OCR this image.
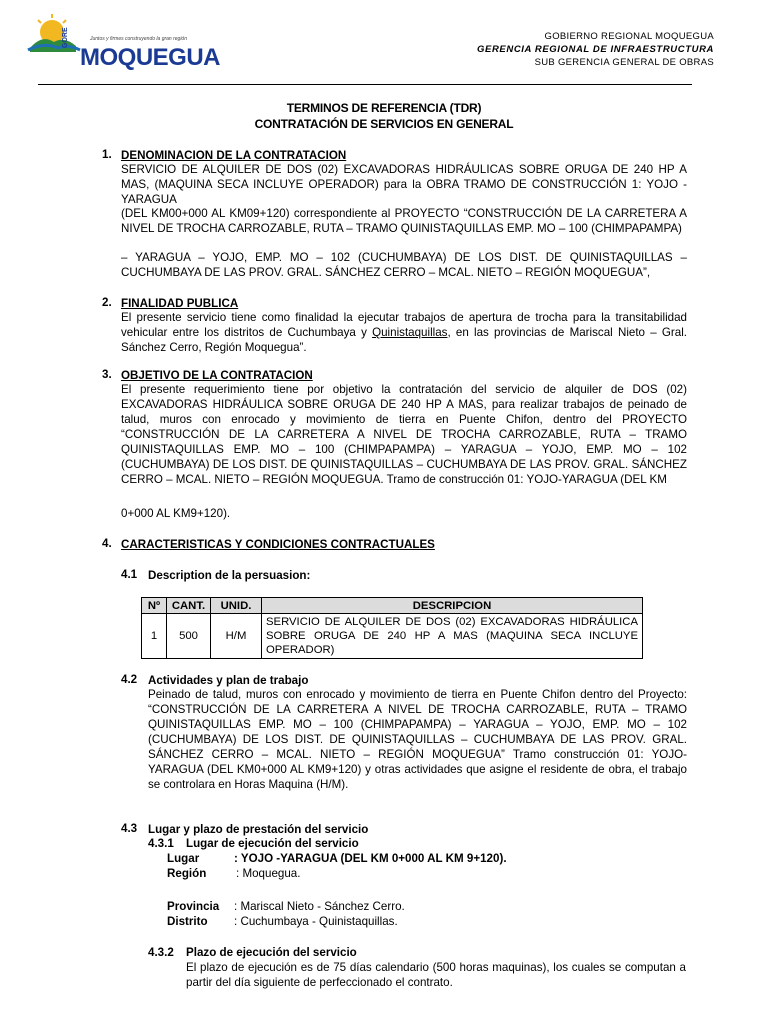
GORE	Juntos y firmes construyendo la gran región
MOQUEGUA
GOBIERNO REGIONAL MOQUEGUA
GERENCIA REGIONAL DE INFRAESTRUCTURA
SUB GERENCIA GENERAL DE OBRAS
TERMINOS DE REFERENCIA (TDR)
CONTRATACIÓN DE SERVICIOS EN GENERAL
1. DENOMINACION DE LA CONTRATACION
SERVICIO DE ALQUILER DE DOS (02) EXCAVADORAS HIDRÁULICAS SOBRE ORUGA DE 240 HP A MAS, (MAQUINA SECA INCLUYE OPERADOR) para la OBRA TRAMO DE CONSTRUCCIÓN 1: YOJO - YARAGUA
(DEL KM00+000 AL KM09+120) correspondiente al PROYECTO “CONSTRUCCIÓN DE LA CARRETERA A NIVEL DE TROCHA CARROZABLE, RUTA – TRAMO QUINISTAQUILLAS EMP. MO – 100 (CHIMPAPAMPA)
– YARAGUA – YOJO, EMP. MO – 102 (CUCHUMBAYA) DE LOS DIST. DE QUINISTAQUILLAS – CUCHUMBAYA DE LAS PROV. GRAL. SÁNCHEZ CERRO – MCAL. NIETO – REGIÓN MOQUEGUA”,
2. FINALIDAD PUBLICA
El presente servicio tiene como finalidad la ejecutar trabajos de apertura de trocha para la transitabilidad vehicular entre los distritos de Cuchumbaya y Quinistaquillas, en las provincias de Mariscal Nieto – Gral. Sánchez Cerro, Región Moquegua”.
3. OBJETIVO DE LA CONTRATACION
El presente requerimiento tiene por objetivo la contratación del servicio de alquiler de DOS (02) EXCAVADORAS HIDRÁULICA SOBRE ORUGA DE 240 HP A MAS, para realizar trabajos de peinado de talud, muros con enrocado y movimiento de tierra en Puente Chifon, dentro del PROYECTO “CONSTRUCCIÓN DE LA CARRETERA A NIVEL DE TROCHA CARROZABLE, RUTA – TRAMO QUINISTAQUILLAS EMP. MO – 100 (CHIMPAPAMPA) – YARAGUA – YOJO, EMP. MO – 102 (CUCHUMBAYA) DE LOS DIST. DE QUINISTAQUILLAS – CUCHUMBAYA DE LAS PROV. GRAL. SÁNCHEZ CERRO – MCAL. NIETO – REGIÓN MOQUEGUA. Tramo de construcción 01: YOJO-YARAGUA (DEL KM
0+000 AL KM9+120).
4. CARACTERISTICAS Y CONDICIONES CONTRACTUALES
4.1 Description de la persuasion:
Nº	CANT.	UNID.	DESCRIPCION
1	500	H/M	SERVICIO DE ALQUILER DE DOS (02) EXCAVADORAS HIDRÁULICA SOBRE ORUGA DE 240 HP A MAS (MAQUINA SECA INCLUYE OPERADOR)
4.2 Actividades y plan de trabajo
Peinado de talud, muros con enrocado y movimiento de tierra en Puente Chifon dentro del Proyecto: “CONSTRUCCIÓN DE LA CARRETERA A NIVEL DE TROCHA CARROZABLE, RUTA – TRAMO QUINISTAQUILLAS EMP. MO – 100 (CHIMPAPAMPA) – YARAGUA – YOJO, EMP. MO – 102 (CUCHUMBAYA) DE LOS DIST. DE QUINISTAQUILLAS – CUCHUMBAYA DE LAS PROV. GRAL. SÁNCHEZ CERRO – MCAL. NIETO – REGIÓN MOQUEGUA” Tramo construcción 01: YOJO-YARAGUA (DEL KM0+000 AL KM9+120) y otras actividades que asigne el residente de obra, el trabajo se controlara en Horas Maquina (H/M).
4.3 Lugar y plazo de prestación del servicio
4.3.1 Lugar de ejecución del servicio
Lugar	: YOJO -YARAGUA (DEL KM 0+000 AL KM 9+120).
Región	: Moquegua.
Provincia : Mariscal Nieto - Sánchez Cerro.
Distrito : Cuchumbaya - Quinistaquillas.
4.3.2 Plazo de ejecución del servicio
El plazo de ejecución es de 75 días calendario (500 horas maquinas), los cuales se computan a partir del día siguiente de perfeccionado el contrato.
